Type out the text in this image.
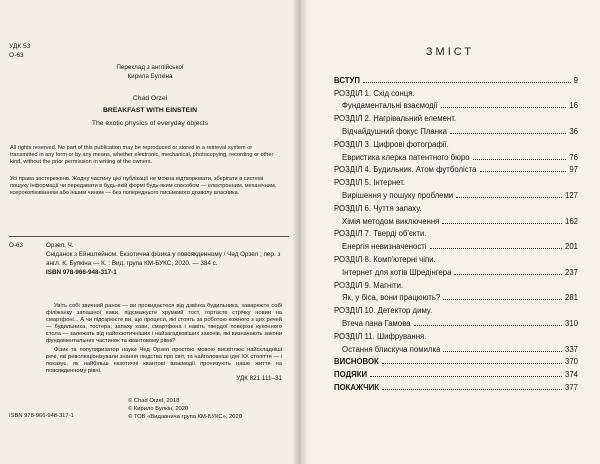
УДК 53
О-63
Переклад з англійської
Кирила Булкіна
Chad Orzel
BREAKFAST WITH EINSTEIN
The exotic physics of everyday objects
All rights reserved. No part of this publication may be reproduced or stored in a retrieval system or transmitted in any form or by any means, whether electronic, mechanical, photocopying, recording or other kind, without the prior permission in writing of the owners.
Усі права застережено. Жодну частину цієї публікації не можна відтворювати, зберігати в системі пошуку інформації чи передавати в будь-якій формі будь-яким способом — електронним, механічним, ксерокопіюванням або іншим чином — без попереднього письмового дозволу власника.
О-63	Орзел, Ч.
Сніданок з Ейнштейном. Екзотична фізика у повсякденному / Чед Орзел ; пер. з англ. К. Булкіна — К. : Вид. група КМ-БУКС, 2020. — 384 с.
ISBN 978-966-948-317-1

Увіть собі звичний ранок — ви прокидаєтеся від дзвінка будильника, заварюєте собі філіжанку запашної кави, підсмажуєте хрумкий тост, гортаєте стрічку новин на смартфоні... А чи підозрюєте ви, що процеси, які стоять за роботою кожного з цих речей — будильника, тостера, запаху кави, смартфона і навіть твердої поверхні кухонного стола — залежать від найекзотичніших і найзагадковіших законів, які визначають закони фундаментальних частинок та квантовому рівні?

Фізик та популяризатор науки Чед Орзел простою мовою висвітлює найскладніші речі, які революціонізували знання людства про світ, та найголовніші ідеї XX століття — і показує, як найбільш екзотичні квантові взаємодії пронизують наше життя на повсякденному рівні.

УДК 821.111–31
© Chad Orzel, 2018
© Кирило Булкін, 2020
© ТОВ «Видавнича група КМ-БУКС», 2020
ISBN 978-966-948-317-1
ЗМІСТ
ВСТУП	9
РОЗДІЛ 1. Схід сонця.
Фундаментальні взаємодії	16
РОЗДІЛ 2. Нагрівальний елемент.
Відчайдушний фокус Планка	36
РОЗДІЛ 3. Цифрові фотографії.
Евристика клерка патентного бюро	76
РОЗДІЛ 4. Будильник. Атом футболіста	97
РОЗДІЛ 5. Інтернет.
Вирішення у пошуку проблеми	127
РОЗДІЛ 6. Чуття запаху.
Хімія методом виключення	162
РОЗДІЛ 7. Тверді об'єкти.
Енергія невизначеності	201
РОЗДІЛ 8. Комп'ютерні чіпи.
Інтернет для котів Шредінгера	237
РОЗДІЛ 9. Магніти.
Як, у біса, вони працюють?	281
РОЗДІЛ 10. Детектор диму.
Втеча пана Гамова	310
РОЗДІЛ 11. Шифрування.
Остання блискуча помилка	337
ВИСНОВОК	370
ПОДЯКИ	374
ПОКАЖЧИК	377
